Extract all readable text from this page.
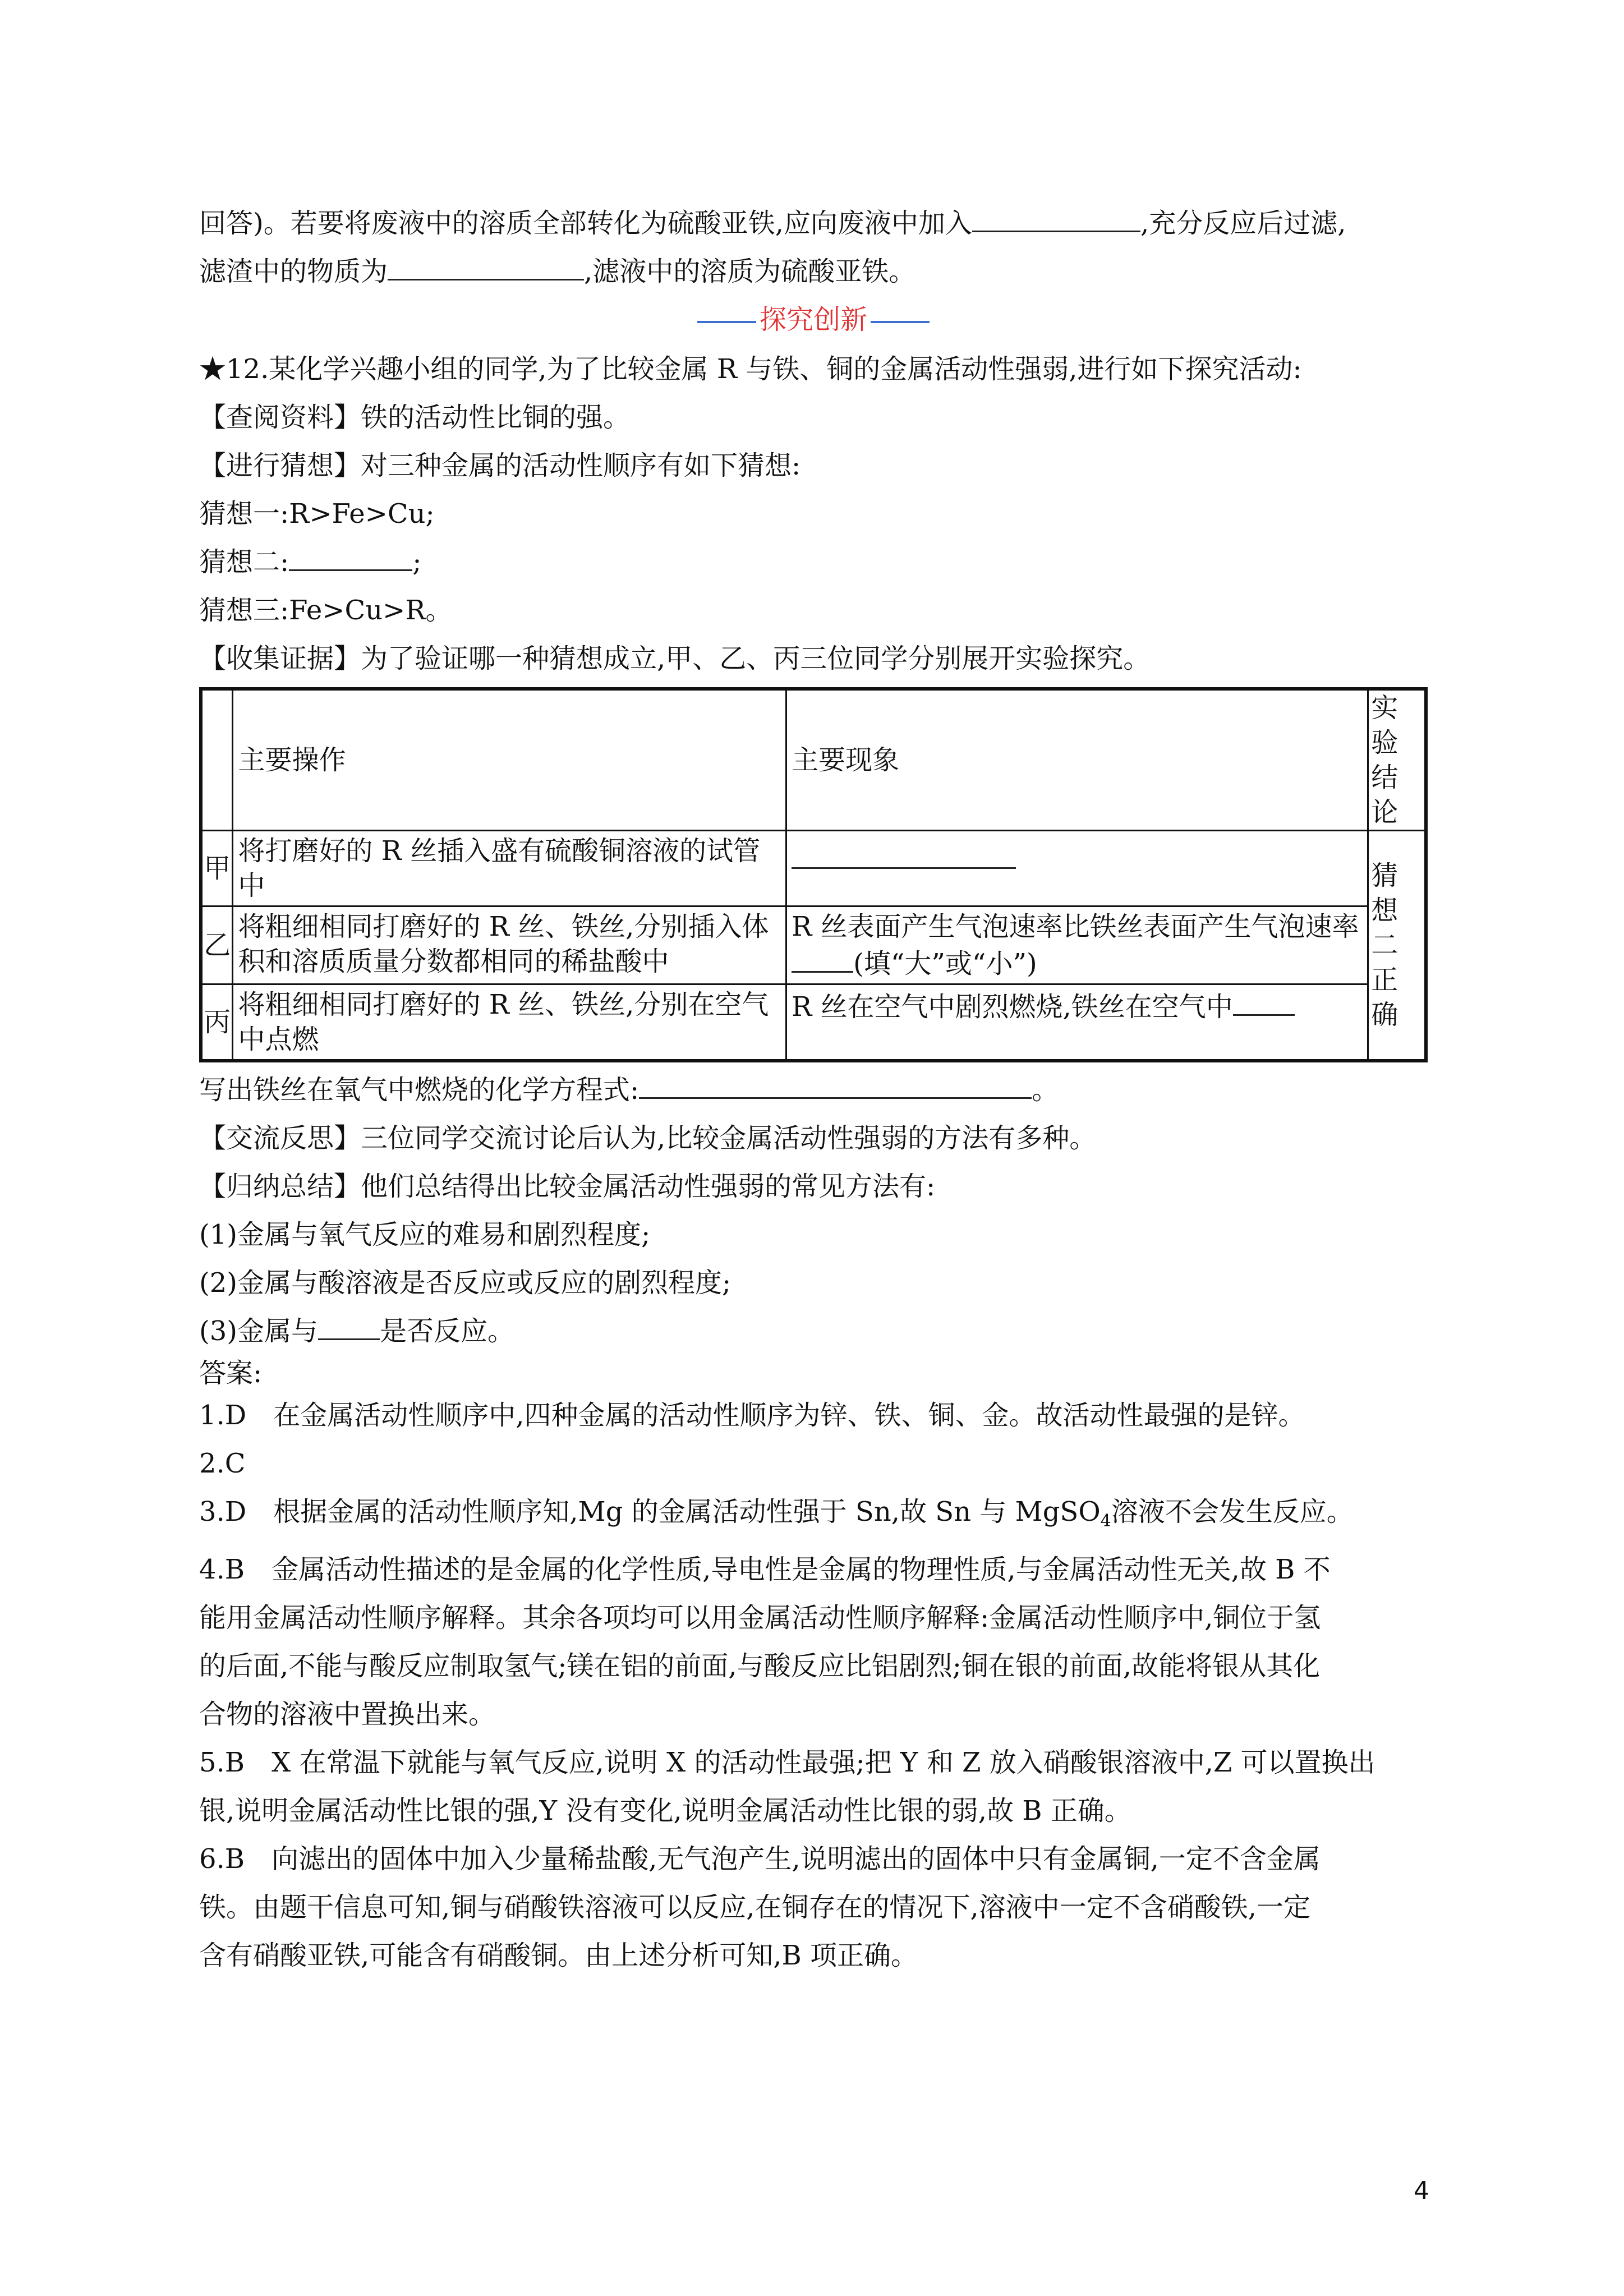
回答)。若要将废液中的溶质全部转化为硫酸亚铁,应向废液中加入	,充分反应后过滤,
滤渣中的物质为	,滤液中的溶质为硫酸亚铁。
探究创新
★12.某化学兴趣小组的同学,为了比较金属 R 与铁、铜的金属活动性强弱,进行如下探究活动:
【查阅资料】铁的活动性比铜的强。
【进行猜想】对三种金属的活动性顺序有如下猜想:
猜想一:R>Fe>Cu;
猜想二:	;
猜想三:Fe>Cu>R。
【收集证据】为了验证哪一种猜想成立,甲、乙、丙三位同学分别展开实验探究。
	主要操作	主要现象	实验结论
甲	将打磨好的 R 丝插入盛有硫酸铜溶液的试管中		猜想二正确
乙	将粗细相同打磨好的 R 丝、铁丝,分别插入体积和溶质质量分数都相同的稀盐酸中	R 丝表面产生气泡速率比铁丝表面产生气泡速率(填“大”或“小”)	
丙	将粗细相同打磨好的 R 丝、铁丝,分别在空气中点燃	R 丝在空气中剧烈燃烧,铁丝在空气中	
写出铁丝在氧气中燃烧的化学方程式:	。
【交流反思】三位同学交流讨论后认为,比较金属活动性强弱的方法有多种。
【归纳总结】他们总结得出比较金属活动性强弱的常见方法有:
(1)金属与氧气反应的难易和剧烈程度;
(2)金属与酸溶液是否反应或反应的剧烈程度;
(3)金属与 是否反应。
答案:
1.D　在金属活动性顺序中,四种金属的活动性顺序为锌、铁、铜、金。故活动性最强的是锌。
2.C
3.D　根据金属的活动性顺序知,Mg 的金属活动性强于 Sn,故 Sn 与 MgSO$_4$溶液不会发生反应。
4.B　金属活动性描述的是金属的化学性质,导电性是金属的物理性质,与金属活动性无关,故 B 不
能用金属活动性顺序解释。其余各项均可以用金属活动性顺序解释:金属活动性顺序中,铜位于氢
的后面,不能与酸反应制取氢气;镁在铝的前面,与酸反应比铝剧烈;铜在银的前面,故能将银从其化
合物的溶液中置换出来。
5.B　X 在常温下就能与氧气反应,说明 X 的活动性最强;把 Y 和 Z 放入硝酸银溶液中,Z 可以置换出
银,说明金属活动性比银的强,Y 没有变化,说明金属活动性比银的弱,故 B 正确。
6.B　向滤出的固体中加入少量稀盐酸,无气泡产生,说明滤出的固体中只有金属铜,一定不含金属
铁。由题干信息可知,铜与硝酸铁溶液可以反应,在铜存在的情况下,溶液中一定不含硝酸铁,一定
含有硝酸亚铁,可能含有硝酸铜。由上述分析可知,B 项正确。
4
